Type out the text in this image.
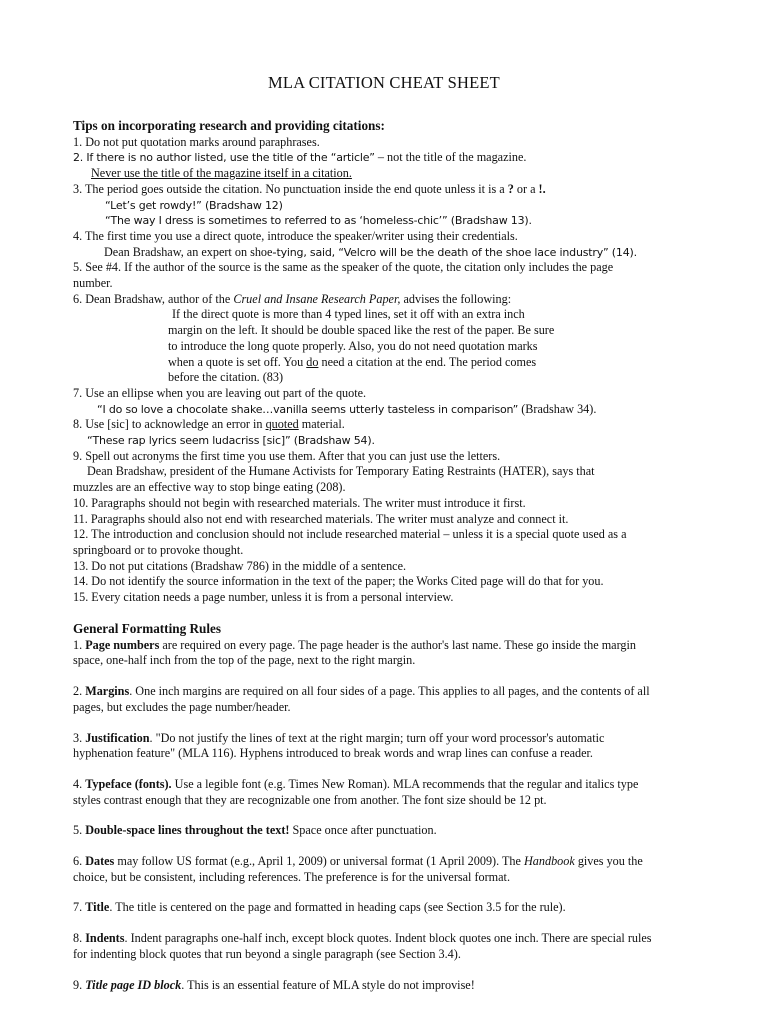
MLA CITATION CHEAT SHEET
Tips on incorporating research and providing citations:
1. Do not put quotation marks around paraphrases.
2. If there is no author listed, use the title of the “article” – not the title of the magazine.
Never use the title of the magazine itself in a citation.
3. The period goes outside the citation. No punctuation inside the end quote unless it is a ? or a !.
“Let’s get rowdy!” (Bradshaw 12)
“The way I dress is sometimes to referred to as ‘homeless-chic’” (Bradshaw 13).
4. The first time you use a direct quote, introduce the speaker/writer using their credentials.
Dean Bradshaw, an expert on shoe-tying, said, “Velcro will be the death of the shoe lace industry” (14).
5. See #4. If the author of the source is the same as the speaker of the quote, the citation only includes the page
number.
6. Dean Bradshaw, author of the Cruel and Insane Research Paper, advises the following:
If the direct quote is more than 4 typed lines, set it off with an extra inch
margin on the left. It should be double spaced like the rest of the paper. Be sure
to introduce the long quote properly. Also, you do not need quotation marks
when a quote is set off. You do need a citation at the end. The period comes
before the citation. (83)
7. Use an ellipse when you are leaving out part of the quote.
“I do so love a chocolate shake…vanilla seems utterly tasteless in comparison” (Bradshaw 34).
8. Use [sic] to acknowledge an error in quoted material.
“These rap lyrics seem ludacriss [sic]” (Bradshaw 54).
9. Spell out acronyms the first time you use them. After that you can just use the letters.
Dean Bradshaw, president of the Humane Activists for Temporary Eating Restraints (HATER), says that
muzzles are an effective way to stop binge eating (208).
10. Paragraphs should not begin with researched materials. The writer must introduce it first.
11. Paragraphs should also not end with researched materials. The writer must analyze and connect it.
12. The introduction and conclusion should not include researched material – unless it is a special quote used as a
springboard or to provoke thought.
13. Do not put citations (Bradshaw 786) in the middle of a sentence.
14. Do not identify the source information in the text of the paper; the Works Cited page will do that for you.
15. Every citation needs a page number, unless it is from a personal interview.
General Formatting Rules
1. Page numbers are required on every page. The page header is the author's last name. These go inside the margin
space, one-half inch from the top of the page, next to the right margin.
2. Margins. One inch margins are required on all four sides of a page. This applies to all pages, and the contents of all
pages, but excludes the page number/header.
3. Justification. "Do not justify the lines of text at the right margin; turn off your word processor's automatic
hyphenation feature" (MLA 116). Hyphens introduced to break words and wrap lines can confuse a reader.
4. Typeface (fonts). Use a legible font (e.g. Times New Roman). MLA recommends that the regular and italics type
styles contrast enough that they are recognizable one from another. The font size should be 12 pt.
5. Double-space lines throughout the text! Space once after punctuation.
6. Dates may follow US format (e.g., April 1, 2009) or universal format (1 April 2009). The Handbook gives you the
choice, but be consistent, including references. The preference is for the universal format.
7. Title. The title is centered on the page and formatted in heading caps (see Section 3.5 for the rule).
8. Indents. Indent paragraphs one-half inch, except block quotes. Indent block quotes one inch. There are special rules
for indenting block quotes that run beyond a single paragraph (see Section 3.4).
9. Title page ID block. This is an essential feature of MLA style do not improvise!
